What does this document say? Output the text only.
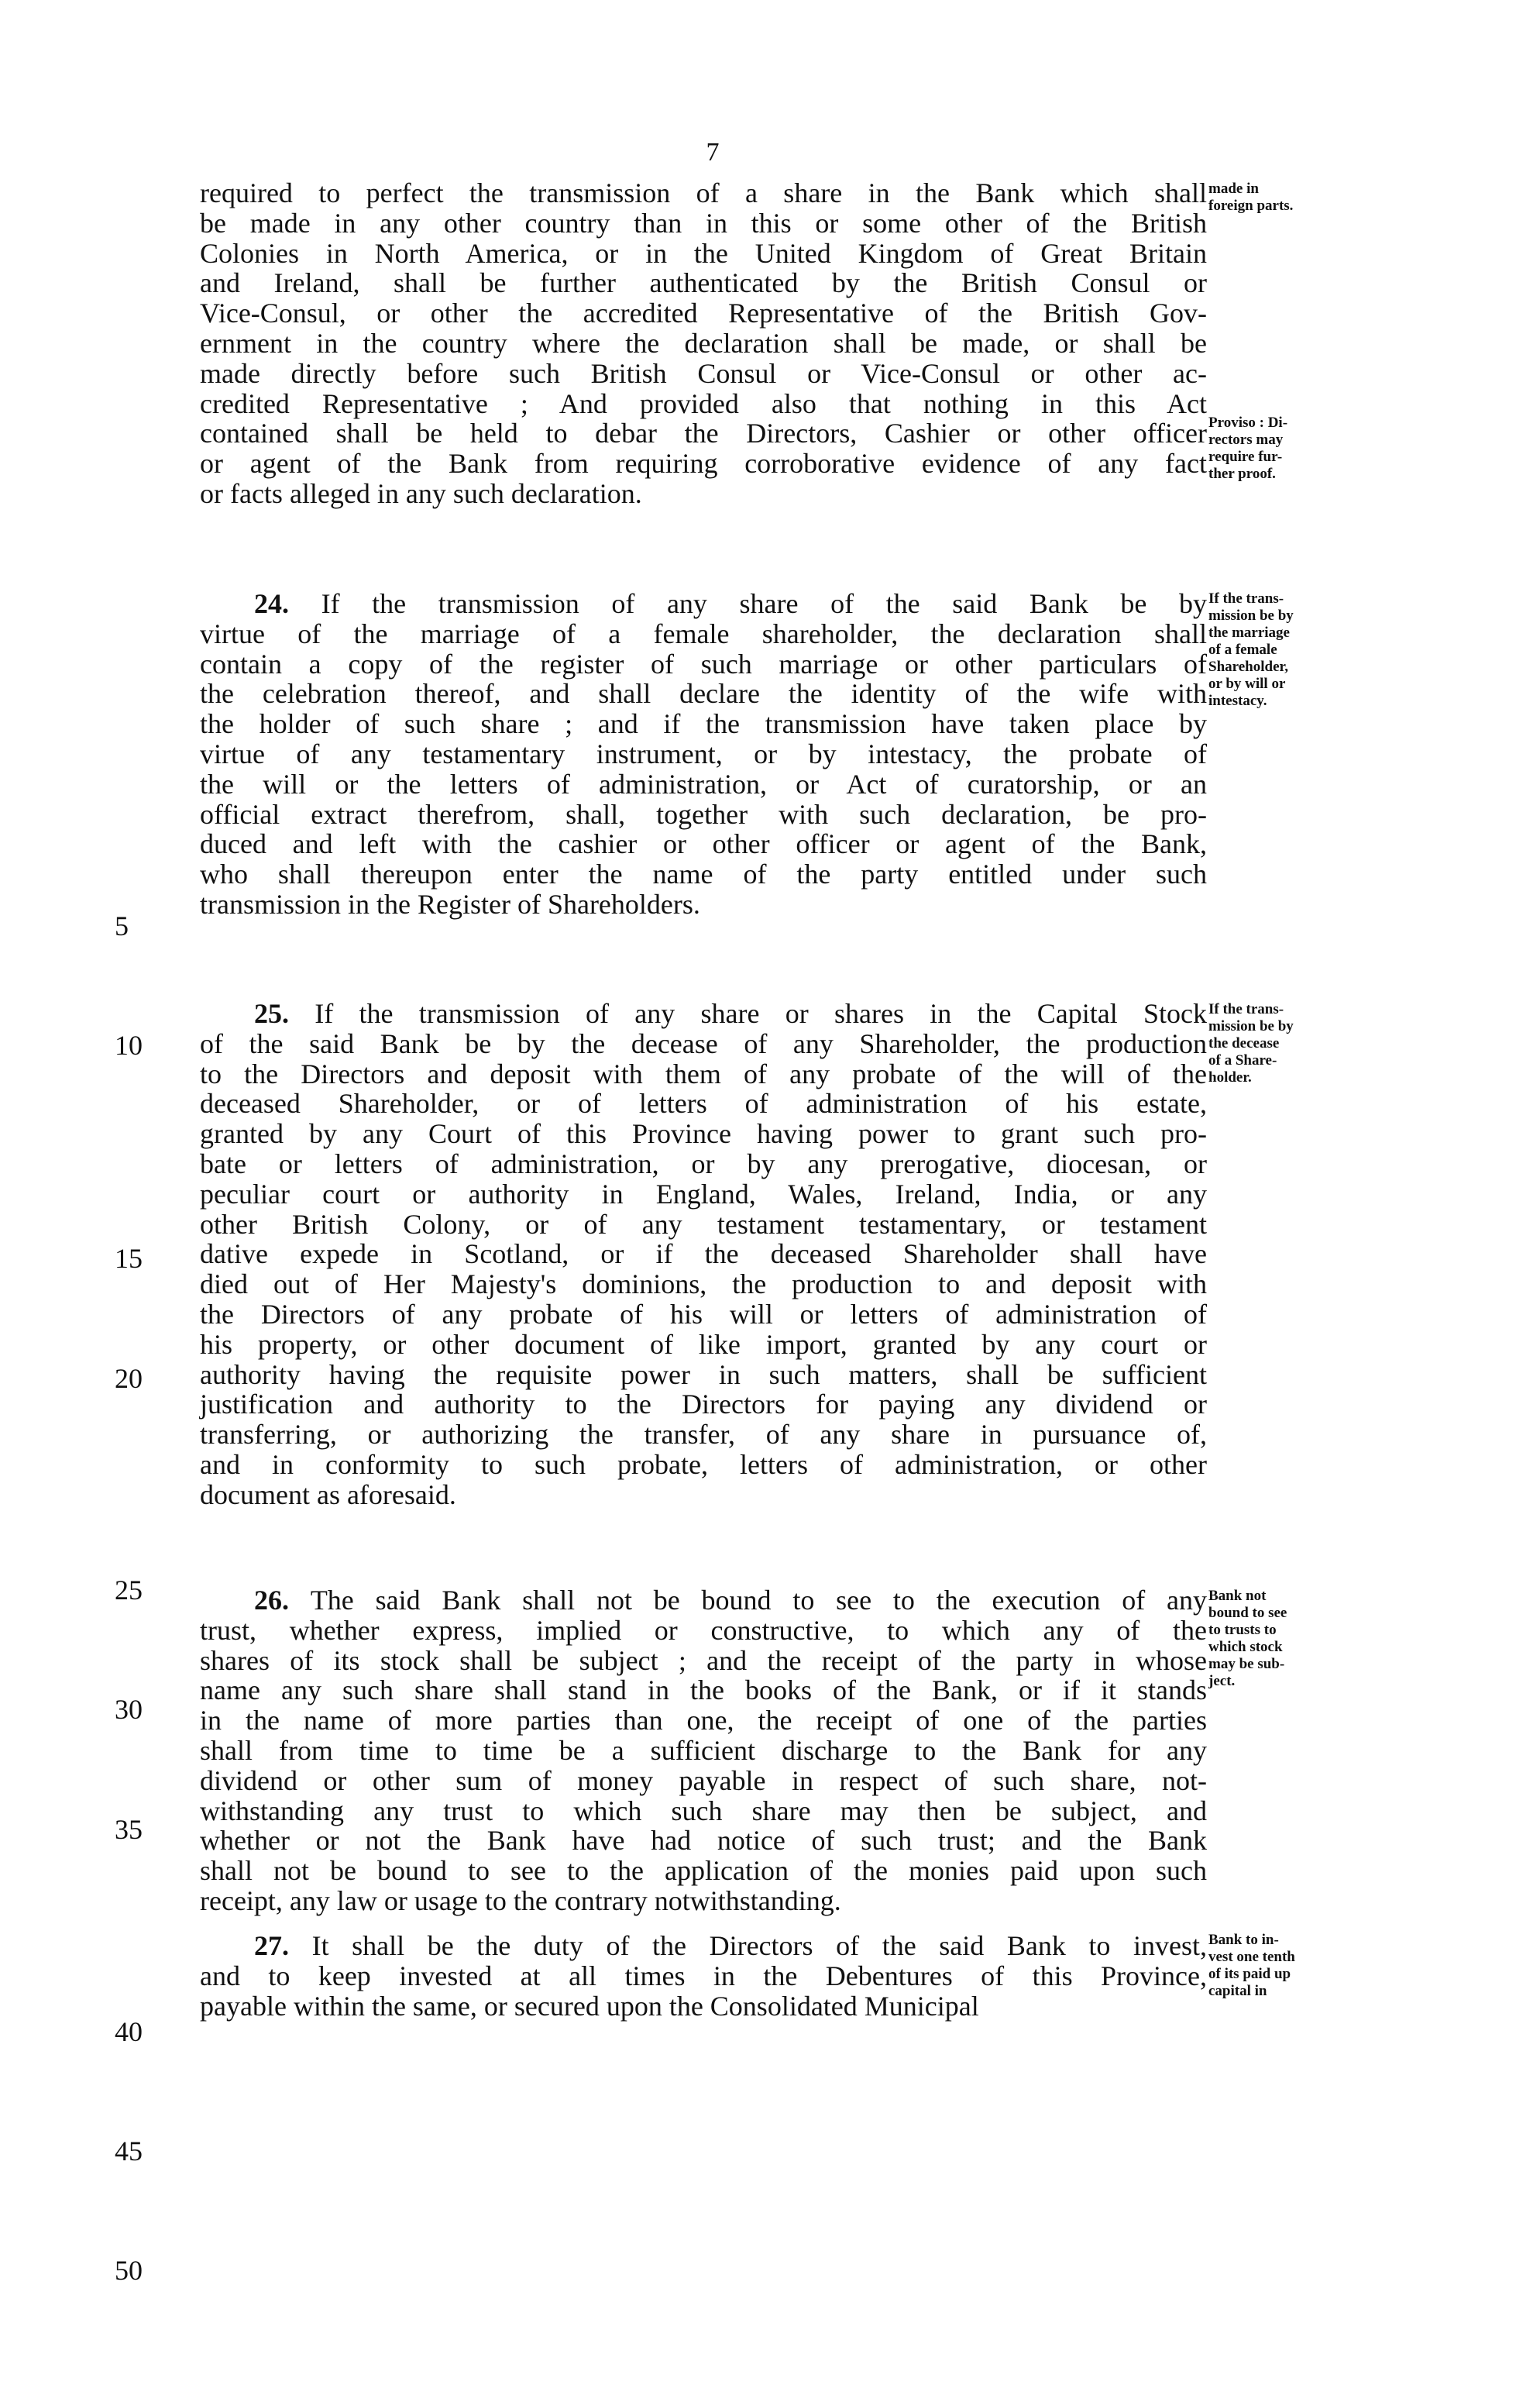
7
5
10
15
20
25
30
35
40
45
50
required to perfect the transmission of a share in the Bank which shall
be made in any other country than in this or some other of the British
Colonies in North America, or in the United Kingdom of Great Britain
and Ireland, shall be further authenticated by the British Consul or
Vice-Consul, or other the accredited Representative of the British Gov-
ernment in the country where the declaration shall be made, or shall be
made directly before such British Consul or Vice-Consul or other ac-
credited Representative ; And provided also that nothing in this Act
contained shall be held to debar the Directors, Cashier or other officer
or agent of the Bank from requiring corroborative evidence of any fact
or facts alleged in any such declaration.
24. If the transmission of any share of the said Bank be by
virtue of the marriage of a female shareholder, the declaration shall
contain a copy of the register of such marriage or other particulars of
the celebration thereof, and shall declare the identity of the wife with
the holder of such share ; and if the transmission have taken place by
virtue of any testamentary instrument, or by intestacy, the probate of
the will or the letters of administration, or Act of curatorship, or an
official extract therefrom, shall, together with such declaration, be pro-
duced and left with the cashier or other officer or agent of the Bank,
who shall thereupon enter the name of the party entitled under such
transmission in the Register of Shareholders.
25. If the transmission of any share or shares in the Capital Stock
of the said Bank be by the decease of any Shareholder, the production
to the Directors and deposit with them of any probate of the will of the
deceased Shareholder, or of letters of administration of his estate,
granted by any Court of this Province having power to grant such pro-
bate or letters of administration, or by any prerogative, diocesan, or
peculiar court or authority in England, Wales, Ireland, India, or any
other British Colony, or of any testament testamentary, or testament
dative expede in Scotland, or if the deceased Shareholder shall have
died out of Her Majesty's dominions, the production to and deposit with
the Directors of any probate of his will or letters of administration of
his property, or other document of like import, granted by any court or
authority having the requisite power in such matters, shall be sufficient
justification and authority to the Directors for paying any dividend or
transferring, or authorizing the transfer, of any share in pursuance of,
and in conformity to such probate, letters of administration, or other
document as aforesaid.
26. The said Bank shall not be bound to see to the execution of any
trust, whether express, implied or constructive, to which any of the
shares of its stock shall be subject ; and the receipt of the party in whose
name any such share shall stand in the books of the Bank, or if it stands
in the name of more parties than one, the receipt of one of the parties
shall from time to time be a sufficient discharge to the Bank for any
dividend or other sum of money payable in respect of such share, not-
withstanding any trust to which such share may then be subject, and
whether or not the Bank have had notice of such trust; and the Bank
shall not be bound to see to the application of the monies paid upon such
receipt, any law or usage to the contrary notwithstanding.
27. It shall be the duty of the Directors of the said Bank to invest,
and to keep invested at all times in the Debentures of this Province,
payable within the same, or secured upon the Consolidated Municipal
made in
foreign parts.
Proviso : Di-
rectors may
require fur-
ther proof.
If the trans-
mission be by
the marriage
of a female
Shareholder,
or by will or
intestacy.
If the trans-
mission be by
the decease
of a Share-
holder.
Bank not
bound to see
to trusts to
which stock
may be sub-
ject.
Bank to in-
vest one tenth
of its paid up
capital in
